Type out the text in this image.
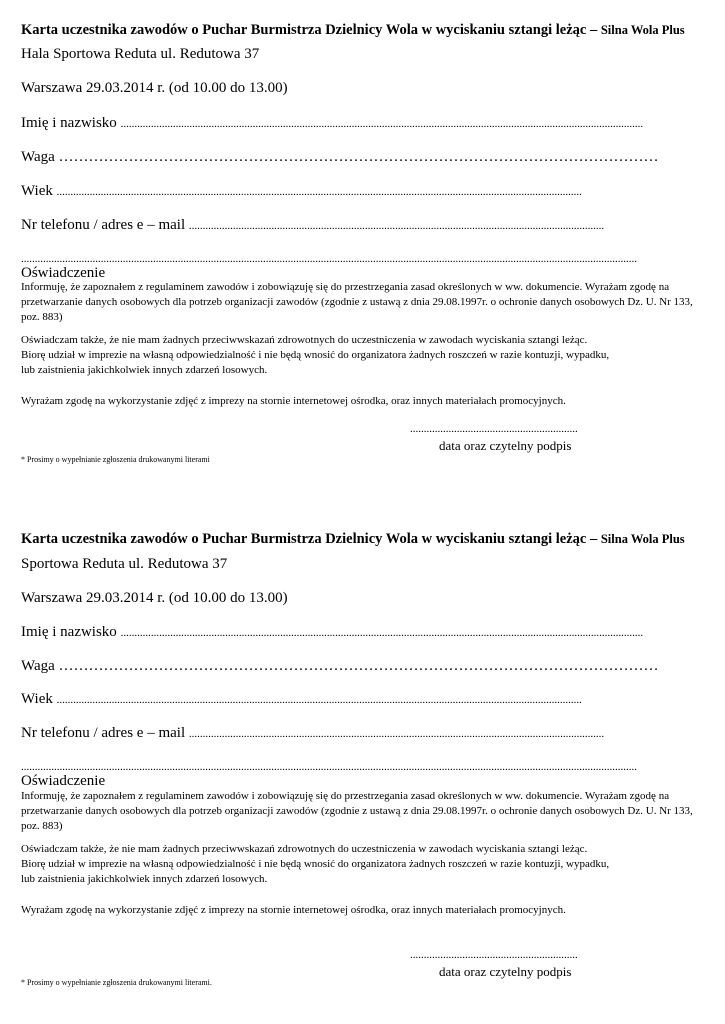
Karta uczestnika zawodów o Puchar Burmistrza Dzielnicy Wola w wyciskaniu sztangi leżąc – Silna Wola Plus
Hala Sportowa Reduta ul. Redutowa 37
Warszawa 29.03.2014 r. (od 10.00 do 13.00)
Imię i nazwisko ..............................................................................................................................................................................................
Waga …………………………………………………………………………………………………………
Wiek ...............................................................................................................................................................................................
Nr telefonu / adres e – mail .......................................................................................................................................................
................................................................................................................................................................................................................................
Oświadczenie
Informuję, że zapoznałem z regulaminem zawodów i zobowiązuję się do przestrzegania zasad określonych w ww. dokumencie. Wyrażam zgodę na przetwarzanie danych osobowych dla potrzeb organizacji zawodów (zgodnie z ustawą z dnia 29.08.1997r. o ochronie danych osobowych Dz. U. Nr 133, poz. 883)
Oświadczam także, że nie mam żadnych przeciwwskazań zdrowotnych do uczestniczenia w zawodach wyciskania sztangi leżąc.
Biorę udział w imprezie na własną odpowiedzialność i nie będą wnosić do organizatora żadnych roszczeń w razie kontuzji, wypadku,
lub zaistnienia jakichkolwiek innych zdarzeń losowych.
Wyrażam zgodę na wykorzystanie zdjęć z imprezy na stornie internetowej ośrodka, oraz innych materiałach promocyjnych.
.............................................................
data oraz czytelny podpis
* Prosimy o wypełnianie zgłoszenia drukowanymi literami
Karta uczestnika zawodów o Puchar Burmistrza Dzielnicy Wola w wyciskaniu sztangi leżąc – Silna Wola Plus
Sportowa Reduta ul. Redutowa 37
Warszawa 29.03.2014 r. (od 10.00 do 13.00)
Imię i nazwisko ..............................................................................................................................................................................................
Waga …………………………………………………………………………………………………………
Wiek ...............................................................................................................................................................................................
Nr telefonu / adres e – mail .......................................................................................................................................................
................................................................................................................................................................................................................................
Oświadczenie
Informuję, że zapoznałem z regulaminem zawodów i zobowiązuję się do przestrzegania zasad określonych w ww. dokumencie. Wyrażam zgodę na przetwarzanie danych osobowych dla potrzeb organizacji zawodów (zgodnie z ustawą z dnia 29.08.1997r. o ochronie danych osobowych Dz. U. Nr 133, poz. 883)
Oświadczam także, że nie mam żadnych przeciwwskazań zdrowotnych do uczestniczenia w zawodach wyciskania sztangi leżąc.
Biorę udział w imprezie na własną odpowiedzialność i nie będą wnosić do organizatora żadnych roszczeń w razie kontuzji, wypadku,
lub zaistnienia jakichkolwiek innych zdarzeń losowych.
Wyrażam zgodę na wykorzystanie zdjęć z imprezy na stornie internetowej ośrodka, oraz innych materiałach promocyjnych.
.............................................................
data oraz czytelny podpis
* Prosimy o wypełnianie zgłoszenia drukowanymi literami.
